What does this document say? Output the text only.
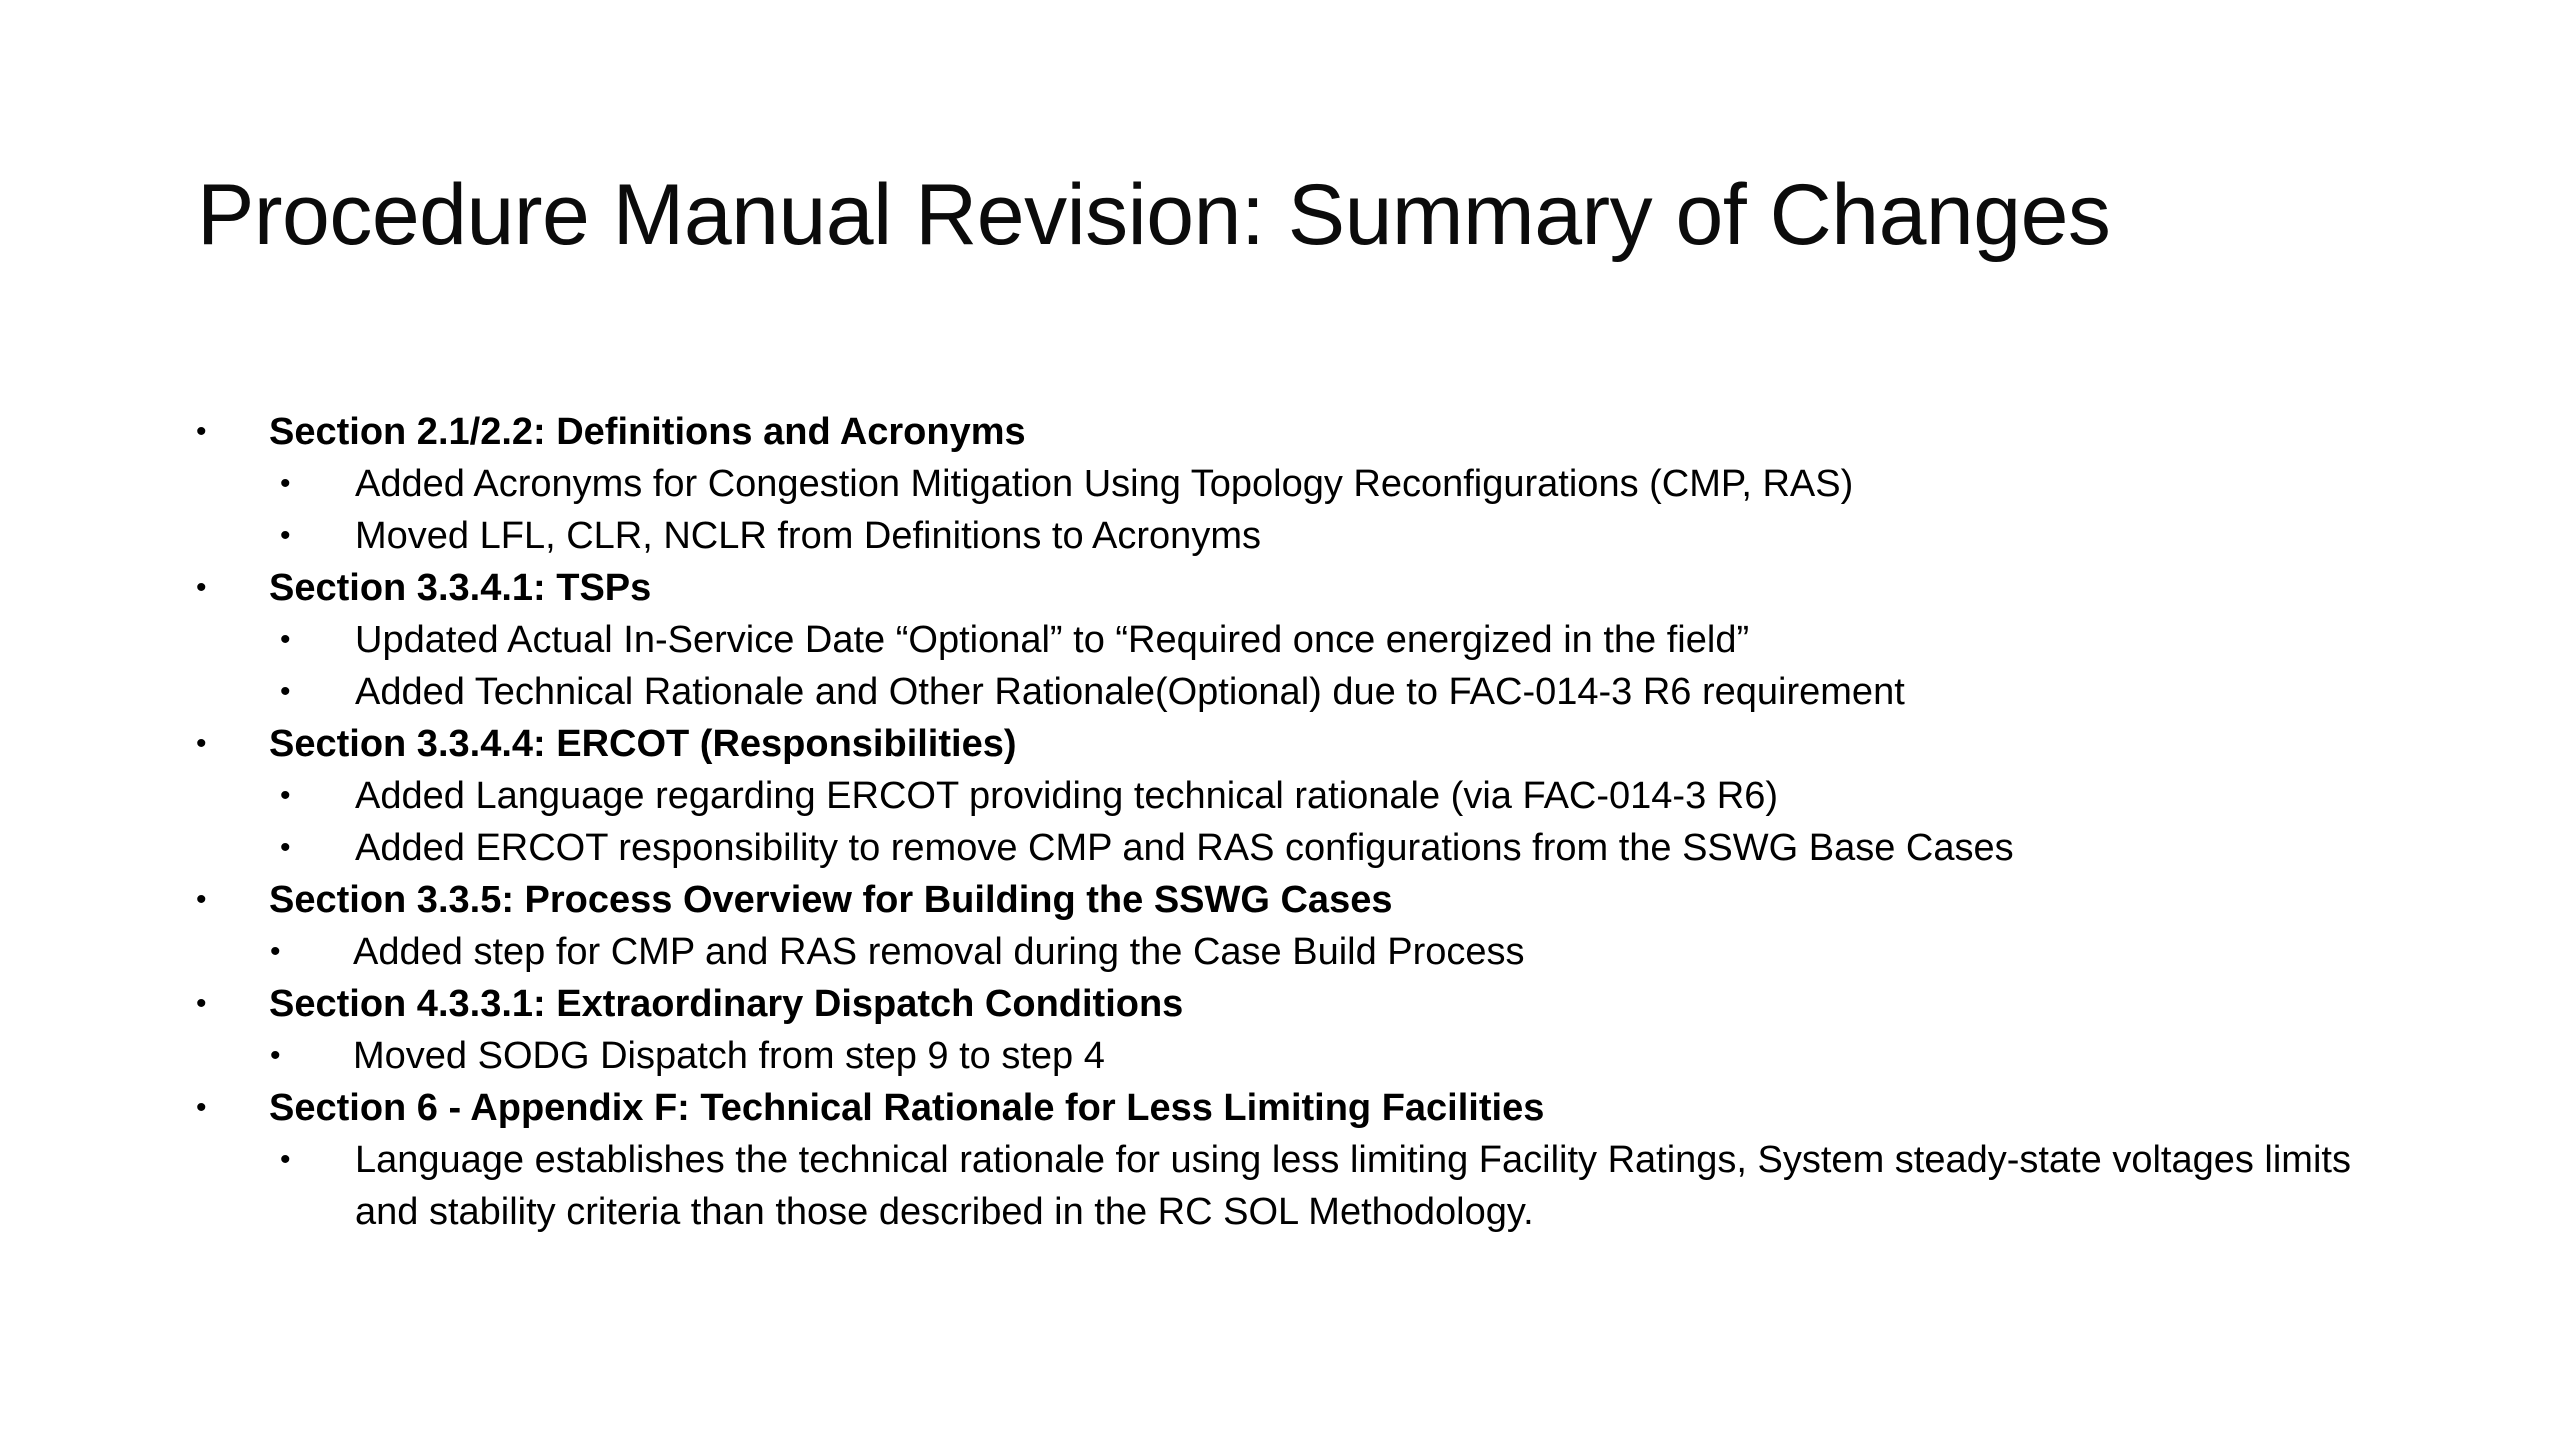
Procedure Manual Revision: Summary of Changes
• Section 2.1/2.2: Definitions and Acronyms
• Added Acronyms for Congestion Mitigation Using Topology Reconfigurations (CMP, RAS)
• Moved LFL, CLR, NCLR from Definitions to Acronyms
• Section 3.3.4.1: TSPs
• Updated Actual In-Service Date “Optional” to “Required once energized in the field”
• Added Technical Rationale and Other Rationale(Optional) due to FAC-014-3 R6 requirement
• Section 3.3.4.4: ERCOT (Responsibilities)
• Added Language regarding ERCOT providing technical rationale (via FAC-014-3 R6)
• Added ERCOT responsibility to remove CMP and RAS configurations from the SSWG Base Cases
• Section 3.3.5: Process Overview for Building the SSWG Cases
• Added step for CMP and RAS removal during the Case Build Process
• Section 4.3.3.1: Extraordinary Dispatch Conditions
• Moved SODG Dispatch from step 9 to step 4
• Section 6 - Appendix F: Technical Rationale for Less Limiting Facilities
• Language establishes the technical rationale for using less limiting Facility Ratings, System steady-state voltages limits and stability criteria than those described in the RC SOL Methodology.
